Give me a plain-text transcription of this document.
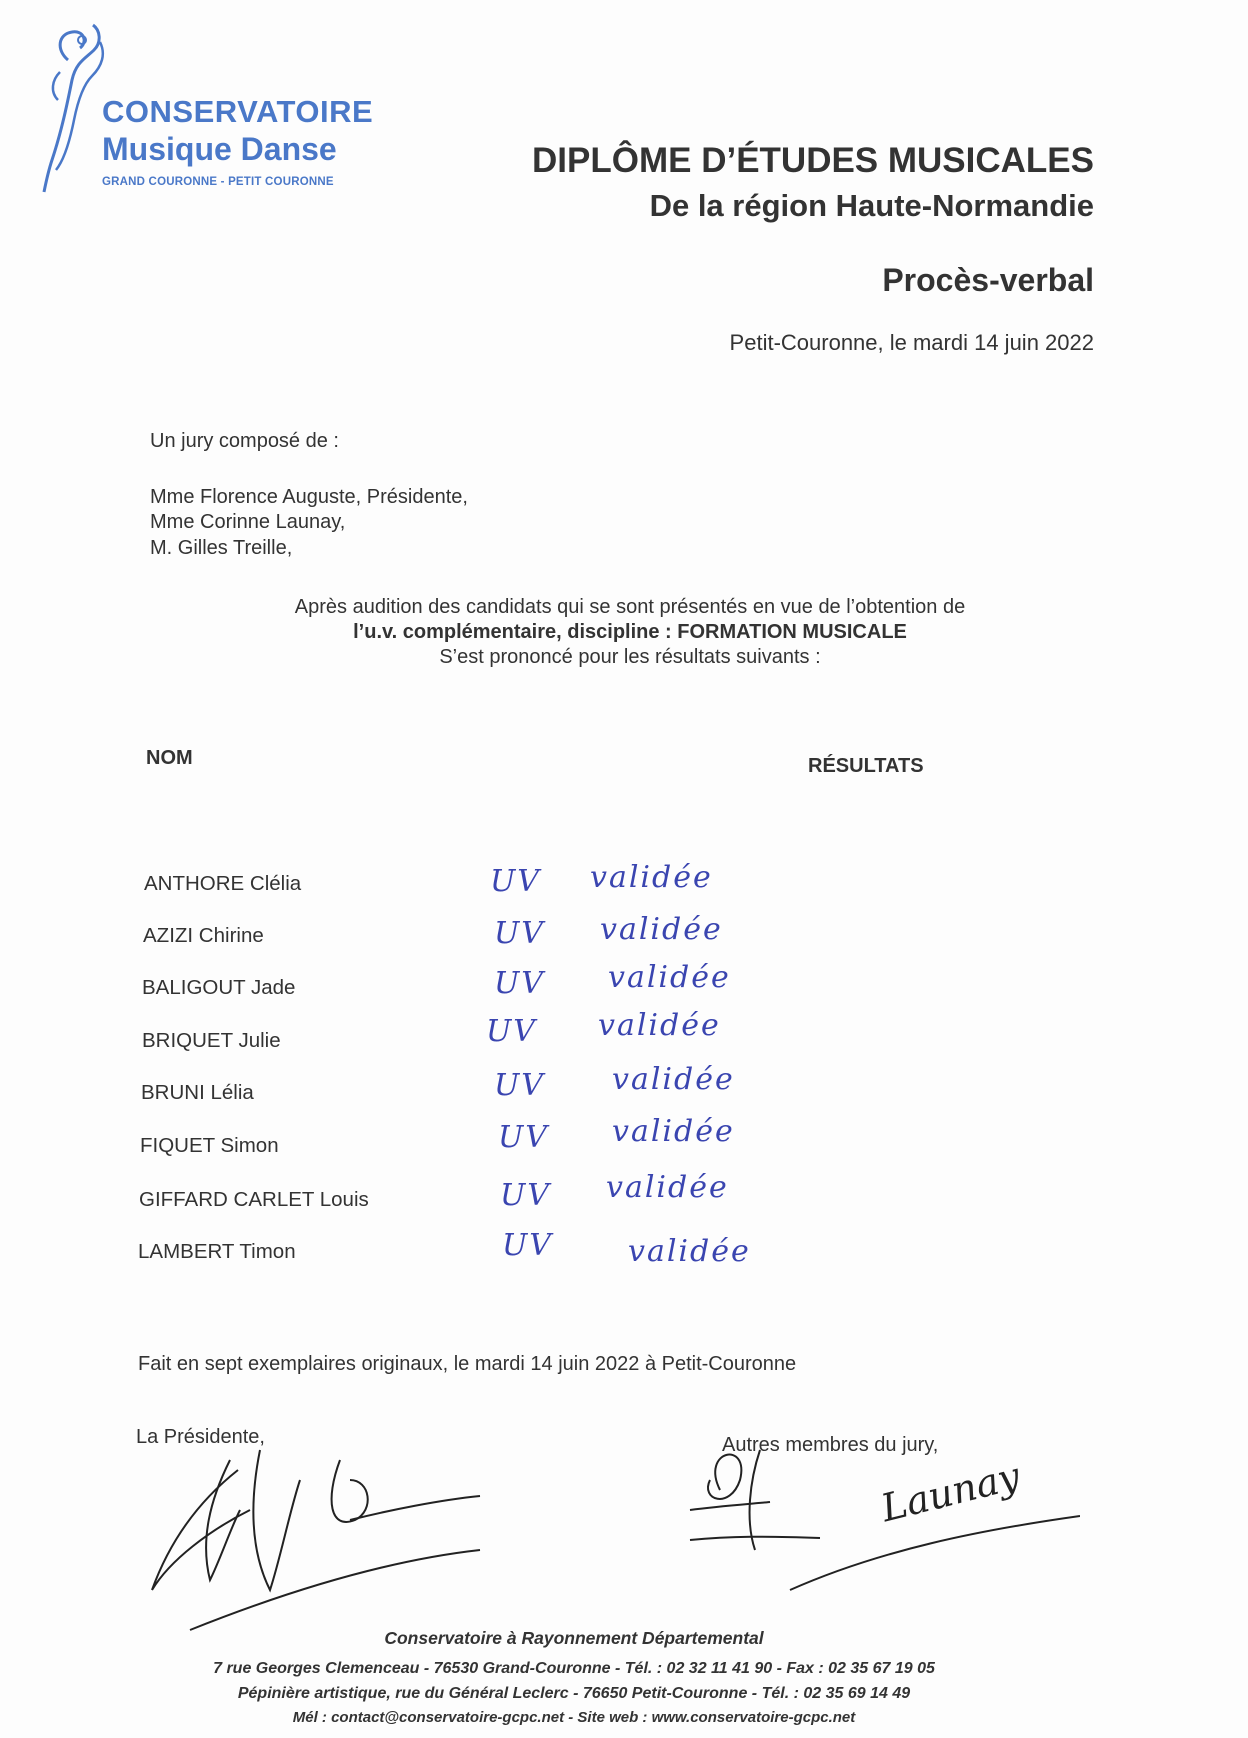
CONSERVATOIRE
Musique Danse
GRAND COURONNE - PETIT COURONNE
DIPLÔME D’ÉTUDES MUSICALES
De la région Haute-Normandie
Procès-verbal
Petit-Couronne, le mardi 14 juin 2022
Un jury composé de :
Mme Florence Auguste, Présidente,
Mme Corinne Launay,
M. Gilles Treille,
Après audition des candidats qui se sont présentés en vue de l’obtention de
l’u.v. complémentaire, discipline : FORMATION MUSICALE
S’est prononcé pour les résultats suivants :
NOM	RÉSULTATS
ANTHORE Clélia	UV validée
AZIZI Chirine	UV validée
BALIGOUT Jade	UV validée
BRIQUET Julie	UV validée
BRUNI Lélia	UV validée
FIQUET Simon	UV validée
GIFFARD CARLET Louis	UV validée
LAMBERT Timon	UV	validée
Fait en sept exemplaires originaux, le mardi 14 juin 2022 à Petit-Couronne
La Présidente,	Autres membres du jury,
Launay
Conservatoire à Rayonnement Départemental
7 rue Georges Clemenceau - 76530 Grand-Couronne - Tél. : 02 32 11 41 90 - Fax : 02 35 67 19 05
Pépinière artistique, rue du Général Leclerc - 76650 Petit-Couronne - Tél. : 02 35 69 14 49
Mél : contact@conservatoire-gcpc.net - Site web : www.conservatoire-gcpc.net
